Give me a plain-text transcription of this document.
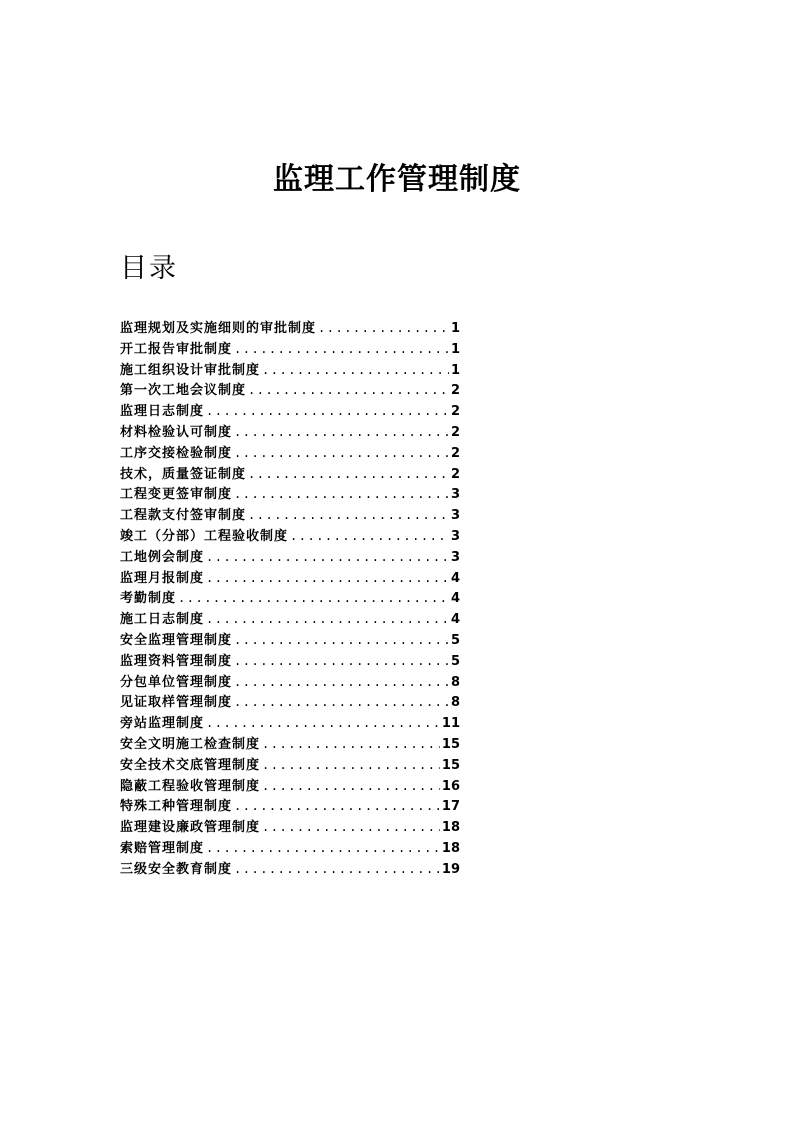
监理工作管理制度
目录
监理规划及实施细则的审批制度 .....	1
开工报告审批制度 .....	1
施工组织设计审批制度 .....	1
第一次工地会议制度 .....	2
监理日志制度 .....	2
材料检验认可制度 .....	2
工序交接检验制度 .....	2
技术，质量签证制度 .....	2
工程变更签审制度 .....	3
工程款支付签审制度 .....	3
竣工（分部）工程验收制度 .....	3
工地例会制度 .....	3
监理月报制度 .....	4
考勤制度 .....	4
施工日志制度 .....	4
安全监理管理制度 .....	5
监理资料管理制度 .....	5
分包单位管理制度 .....	8
见证取样管理制度 .....	8
旁站监理制度 .....	11
安全文明施工检查制度 .....	15
安全技术交底管理制度 .....	15
隐蔽工程验收管理制度 .....	16
特殊工种管理制度 .....	17
监理建设廉政管理制度 .....	18
索赔管理制度 .....	18
三级安全教育制度 .....	19
